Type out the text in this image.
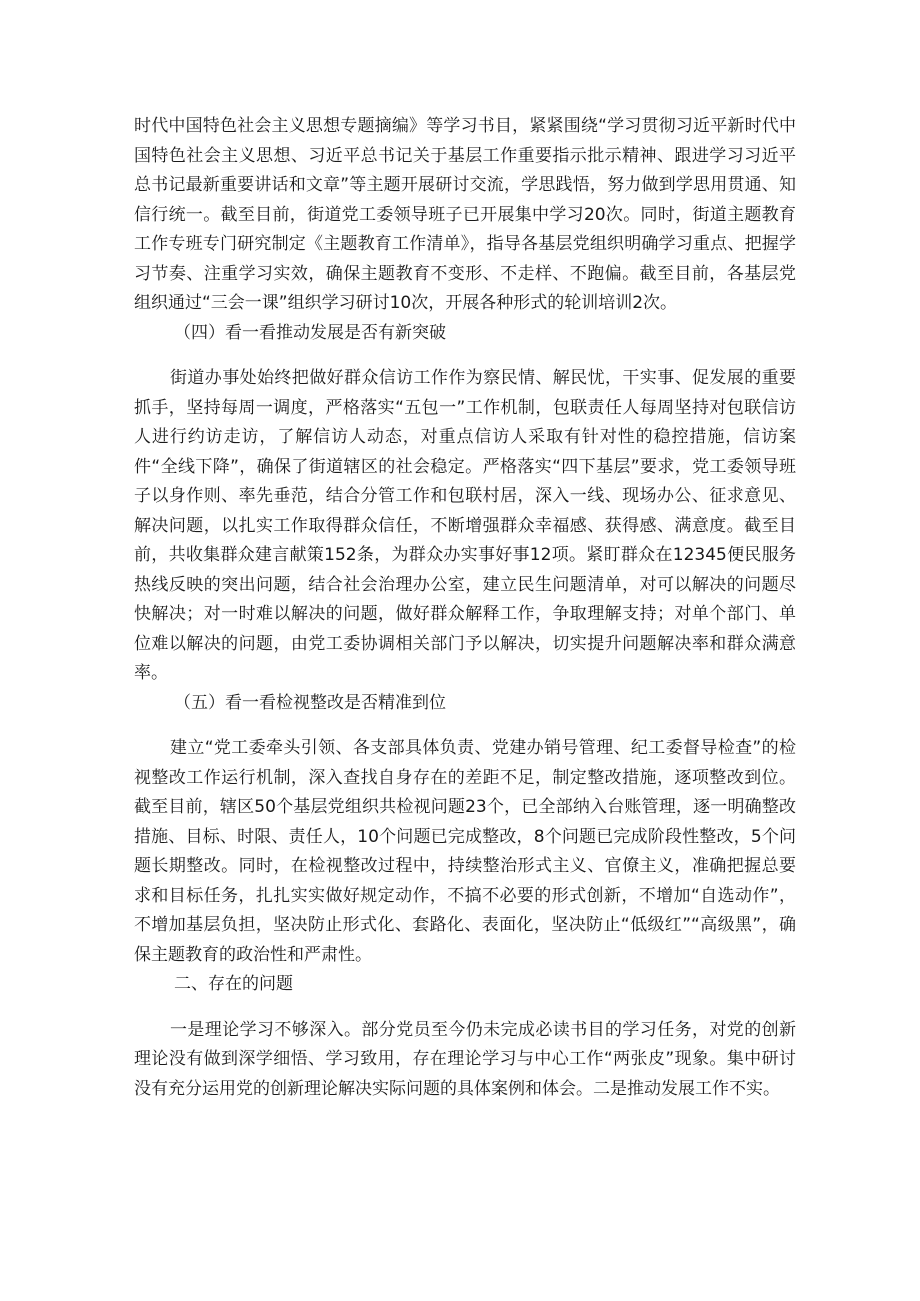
时代中国特色社会主义思想专题摘编》等学习书目，紧紧围绕“学习贯彻习近平新时代中国特色社会主义思想、习近平总书记关于基层工作重要指示批示精神、跟进学习习近平总书记最新重要讲话和文章”等主题开展研讨交流，学思践悟，努力做到学思用贯通、知信行统一。截至目前，街道党工委领导班子已开展集中学习20次。同时，街道主题教育工作专班专门研究制定《主题教育工作清单》，指导各基层党组织明确学习重点、把握学习节奏、注重学习实效，确保主题教育不变形、不走样、不跑偏。截至目前，各基层党组织通过“三会一课”组织学习研讨10次，开展各种形式的轮训培训2次。

（四）看一看推动发展是否有新突破

街道办事处始终把做好群众信访工作作为察民情、解民忧，干实事、促发展的重要抓手，坚持每周一调度，严格落实“五包一”工作机制，包联责任人每周坚持对包联信访人进行约访走访，了解信访人动态，对重点信访人采取有针对性的稳控措施，信访案件“全线下降”，确保了街道辖区的社会稳定。严格落实“四下基层”要求，党工委领导班子以身作则、率先垂范，结合分管工作和包联村居，深入一线、现场办公、征求意见、解决问题，以扎实工作取得群众信任，不断增强群众幸福感、获得感、满意度。截至目前，共收集群众建言献策152条，为群众办实事好事12项。紧盯群众在12345便民服务热线反映的突出问题，结合社会治理办公室，建立民生问题清单，对可以解决的问题尽快解决；对一时难以解决的问题，做好群众解释工作，争取理解支持；对单个部门、单位难以解决的问题，由党工委协调相关部门予以解决，切实提升问题解决率和群众满意率。

（五）看一看检视整改是否精准到位

建立“党工委牵头引领、各支部具体负责、党建办销号管理、纪工委督导检查”的检视整改工作运行机制，深入查找自身存在的差距不足，制定整改措施，逐项整改到位。截至目前，辖区50个基层党组织共检视问题23个，已全部纳入台账管理，逐一明确整改措施、目标、时限、责任人，10个问题已完成整改，8个问题已完成阶段性整改，5个问题长期整改。同时，在检视整改过程中，持续整治形式主义、官僚主义，准确把握总要求和目标任务，扎扎实实做好规定动作，不搞不必要的形式创新，不增加“自选动作”，不增加基层负担，坚决防止形式化、套路化、表面化，坚决防止“低级红”“高级黑”，确保主题教育的政治性和严肃性。

二、存在的问题

一是理论学习不够深入。部分党员至今仍未完成必读书目的学习任务，对党的创新理论没有做到深学细悟、学习致用，存在理论学习与中心工作“两张皮”现象。集中研讨没有充分运用党的创新理论解决实际问题的具体案例和体会。二是推动发展工作不实。
